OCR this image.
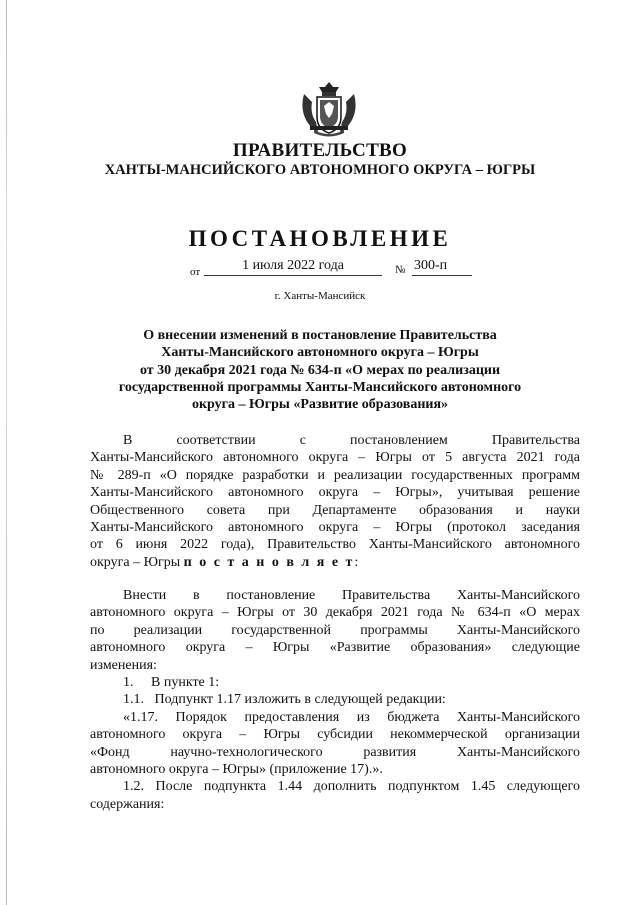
ПРАВИТЕЛЬСТВО
ХАНТЫ-МАНСИЙСКОГО АВТОНОМНОГО ОКРУГА – ЮГРЫ
ПОСТАНОВЛЕНИЕ
от	1 июля 2022 года	№ 300-п
г. Ханты-Мансийск
О внесении изменений в постановление Правительства
Ханты-Мансийского автономного округа – Югры
от 30 декабря 2021 года № 634-п «О мерах по реализации
государственной программы Ханты-Мансийского автономного
округа – Югры «Развитие образования»
В соответствии с постановлением Правительства
Ханты-Мансийского автономного округа – Югры от 5 августа 2021 года
№ 289-п «О порядке разработки и реализации государственных программ
Ханты-Мансийского автономного округа – Югры», учитывая решение
Общественного совета при Департаменте образования и науки
Ханты-Мансийского автономного округа – Югры (протокол заседания
от 6 июня 2022 года), Правительство Ханты-Мансийского автономного
округа – Югры п о с т а н о в л я е т:
Внести в постановление Правительства Ханты-Мансийского
автономного округа – Югры от 30 декабря 2021 года № 634-п «О мерах
по реализации государственной программы Ханты-Мансийского
автономного округа – Югры «Развитие образования» следующие
изменения:
1.     В пункте 1:
1.1.   Подпункт 1.17 изложить в следующей редакции:
«1.17. Порядок предоставления из бюджета Ханты-Мансийского
автономного округа – Югры субсидии некоммерческой организации
«Фонд научно-технологического развития Ханты-Мансийского
автономного округа – Югры» (приложение 17).».
1.2. После подпункта 1.44 дополнить подпунктом 1.45 следующего
содержания:
